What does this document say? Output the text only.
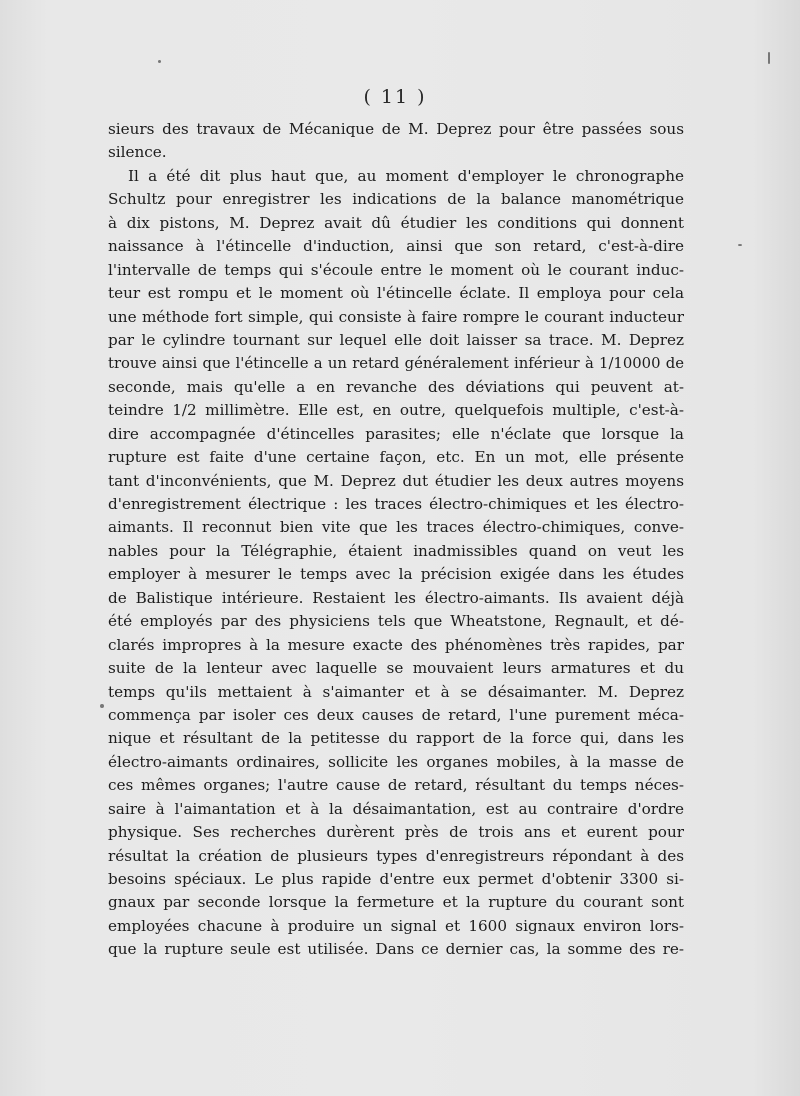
( 11 )
sieurs des travaux de Mécanique de M. Deprez pour être passées sous
silence.
Il a été dit plus haut que, au moment d'employer le chronographe
Schultz pour enregistrer les indications de la balance manométrique
à dix pistons, M. Deprez avait dû étudier les conditions qui donnent
naissance à l'étincelle d'induction, ainsi que son retard, c'est-à-dire
l'intervalle de temps qui s'écoule entre le moment où le courant induc-
teur est rompu et le moment où l'étincelle éclate. Il employa pour cela
une méthode fort simple, qui consiste à faire rompre le courant inducteur
par le cylindre tournant sur lequel elle doit laisser sa trace. M. Deprez
trouve ainsi que l'étincelle a un retard généralement inférieur à 1/10000 de
seconde, mais qu'elle a en revanche des déviations qui peuvent at-
teindre 1/2 millimètre. Elle est, en outre, quelquefois multiple, c'est-à-
dire accompagnée d'étincelles parasites; elle n'éclate que lorsque la
rupture est faite d'une certaine façon, etc. En un mot, elle présente
tant d'inconvénients, que M. Deprez dut étudier les deux autres moyens
d'enregistrement électrique : les traces électro-chimiques et les électro-
aimants. Il reconnut bien vite que les traces électro-chimiques, conve-
nables pour la Télégraphie, étaient inadmissibles quand on veut les
employer à mesurer le temps avec la précision exigée dans les études
de Balistique intérieure. Restaient les électro-aimants. Ils avaient déjà
été employés par des physiciens tels que Wheatstone, Regnault, et dé-
clarés impropres à la mesure exacte des phénomènes très rapides, par
suite de la lenteur avec laquelle se mouvaient leurs armatures et du
temps qu'ils mettaient à s'aimanter et à se désaimanter. M. Deprez
commença par isoler ces deux causes de retard, l'une purement méca-
nique et résultant de la petitesse du rapport de la force qui, dans les
électro-aimants ordinaires, sollicite les organes mobiles, à la masse de
ces mêmes organes; l'autre cause de retard, résultant du temps néces-
saire à l'aimantation et à la désaimantation, est au contraire d'ordre
physique. Ses recherches durèrent près de trois ans et eurent pour
résultat la création de plusieurs types d'enregistreurs répondant à des
besoins spéciaux. Le plus rapide d'entre eux permet d'obtenir 3300 si-
gnaux par seconde lorsque la fermeture et la rupture du courant sont
employées chacune à produire un signal et 1600 signaux environ lors-
que la rupture seule est utilisée. Dans ce dernier cas, la somme des re-
